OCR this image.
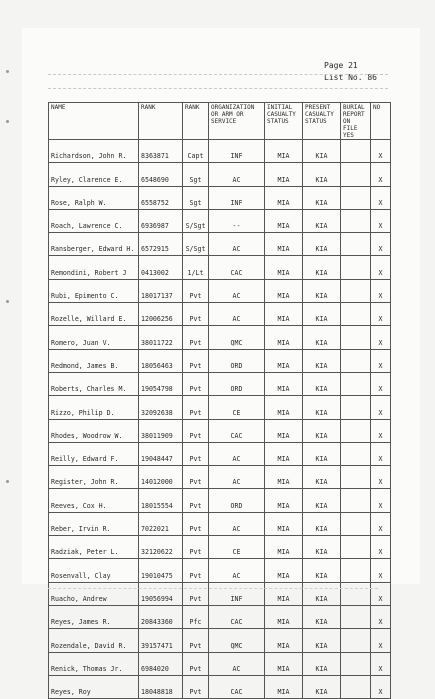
Page 21
List No. 86
NAME	RANK	RANK	ORGANIZATION OR ARM OR SERVICE	INITIAL CASUALTY STATUS	PRESENT CASUALTY STATUS	BURIAL REPORT ON FILE YES	NO
Richardson, John R.	8363871	Capt	INF	MIA	KIA		X
Ryley, Clarence E.	6548690	Sgt	AC	MIA	KIA		X
Rose, Ralph W.	6558752	Sgt	INF	MIA	KIA		X
Roach, Lawrence C.	6936987	S/Sgt	--	MIA	KIA		X
Ransberger, Edward H.	6572915	S/Sgt	AC	MIA	KIA		X
Remondini, Robert J	0413002	1/Lt	CAC	MIA	KIA		X
Rubi, Epimento C.	18017137	Pvt	AC	MIA	KIA		X
Rozelle, Willard E.	12006256	Pvt	AC	MIA	KIA		X
Romero, Juan V.	38011722	Pvt	QMC	MIA	KIA		X
Redmond, James B.	18056463	Pvt	ORD	MIA	KIA		X
Roberts, Charles M.	19054798	Pvt	ORD	MIA	KIA		X
Rizzo, Philip D.	32092638	Pvt	CE	MIA	KIA		X
Rhodes, Woodrow W.	38011909	Pvt	CAC	MIA	KIA		X
Reilly, Edward F.	19048447	Pvt	AC	MIA	KIA		X
Register, John R.	14012000	Pvt	AC	MIA	KIA		X
Reeves, Cox H.	18015554	Pvt	ORD	MIA	KIA		X
Reber, Irvin R.	7022021	Pvt	AC	MIA	KIA		X
Radziak, Peter L.	32120622	Pvt	CE	MIA	KIA		X
Rosenvall, Clay	19010475	Pvt	AC	MIA	KIA		X
Ruacho, Andrew	19056994	Pvt	INF	MIA	KIA		X
Reyes, James R.	20843360	Pfc	CAC	MIA	KIA		X
Rozendale, David R.	39157471	Pvt	QMC	MIA	KIA		X
Renick, Thomas Jr.	6984020	Pvt	AC	MIA	KIA		X
Reyes, Roy	18048818	Pvt	CAC	MIA	KIA		X
